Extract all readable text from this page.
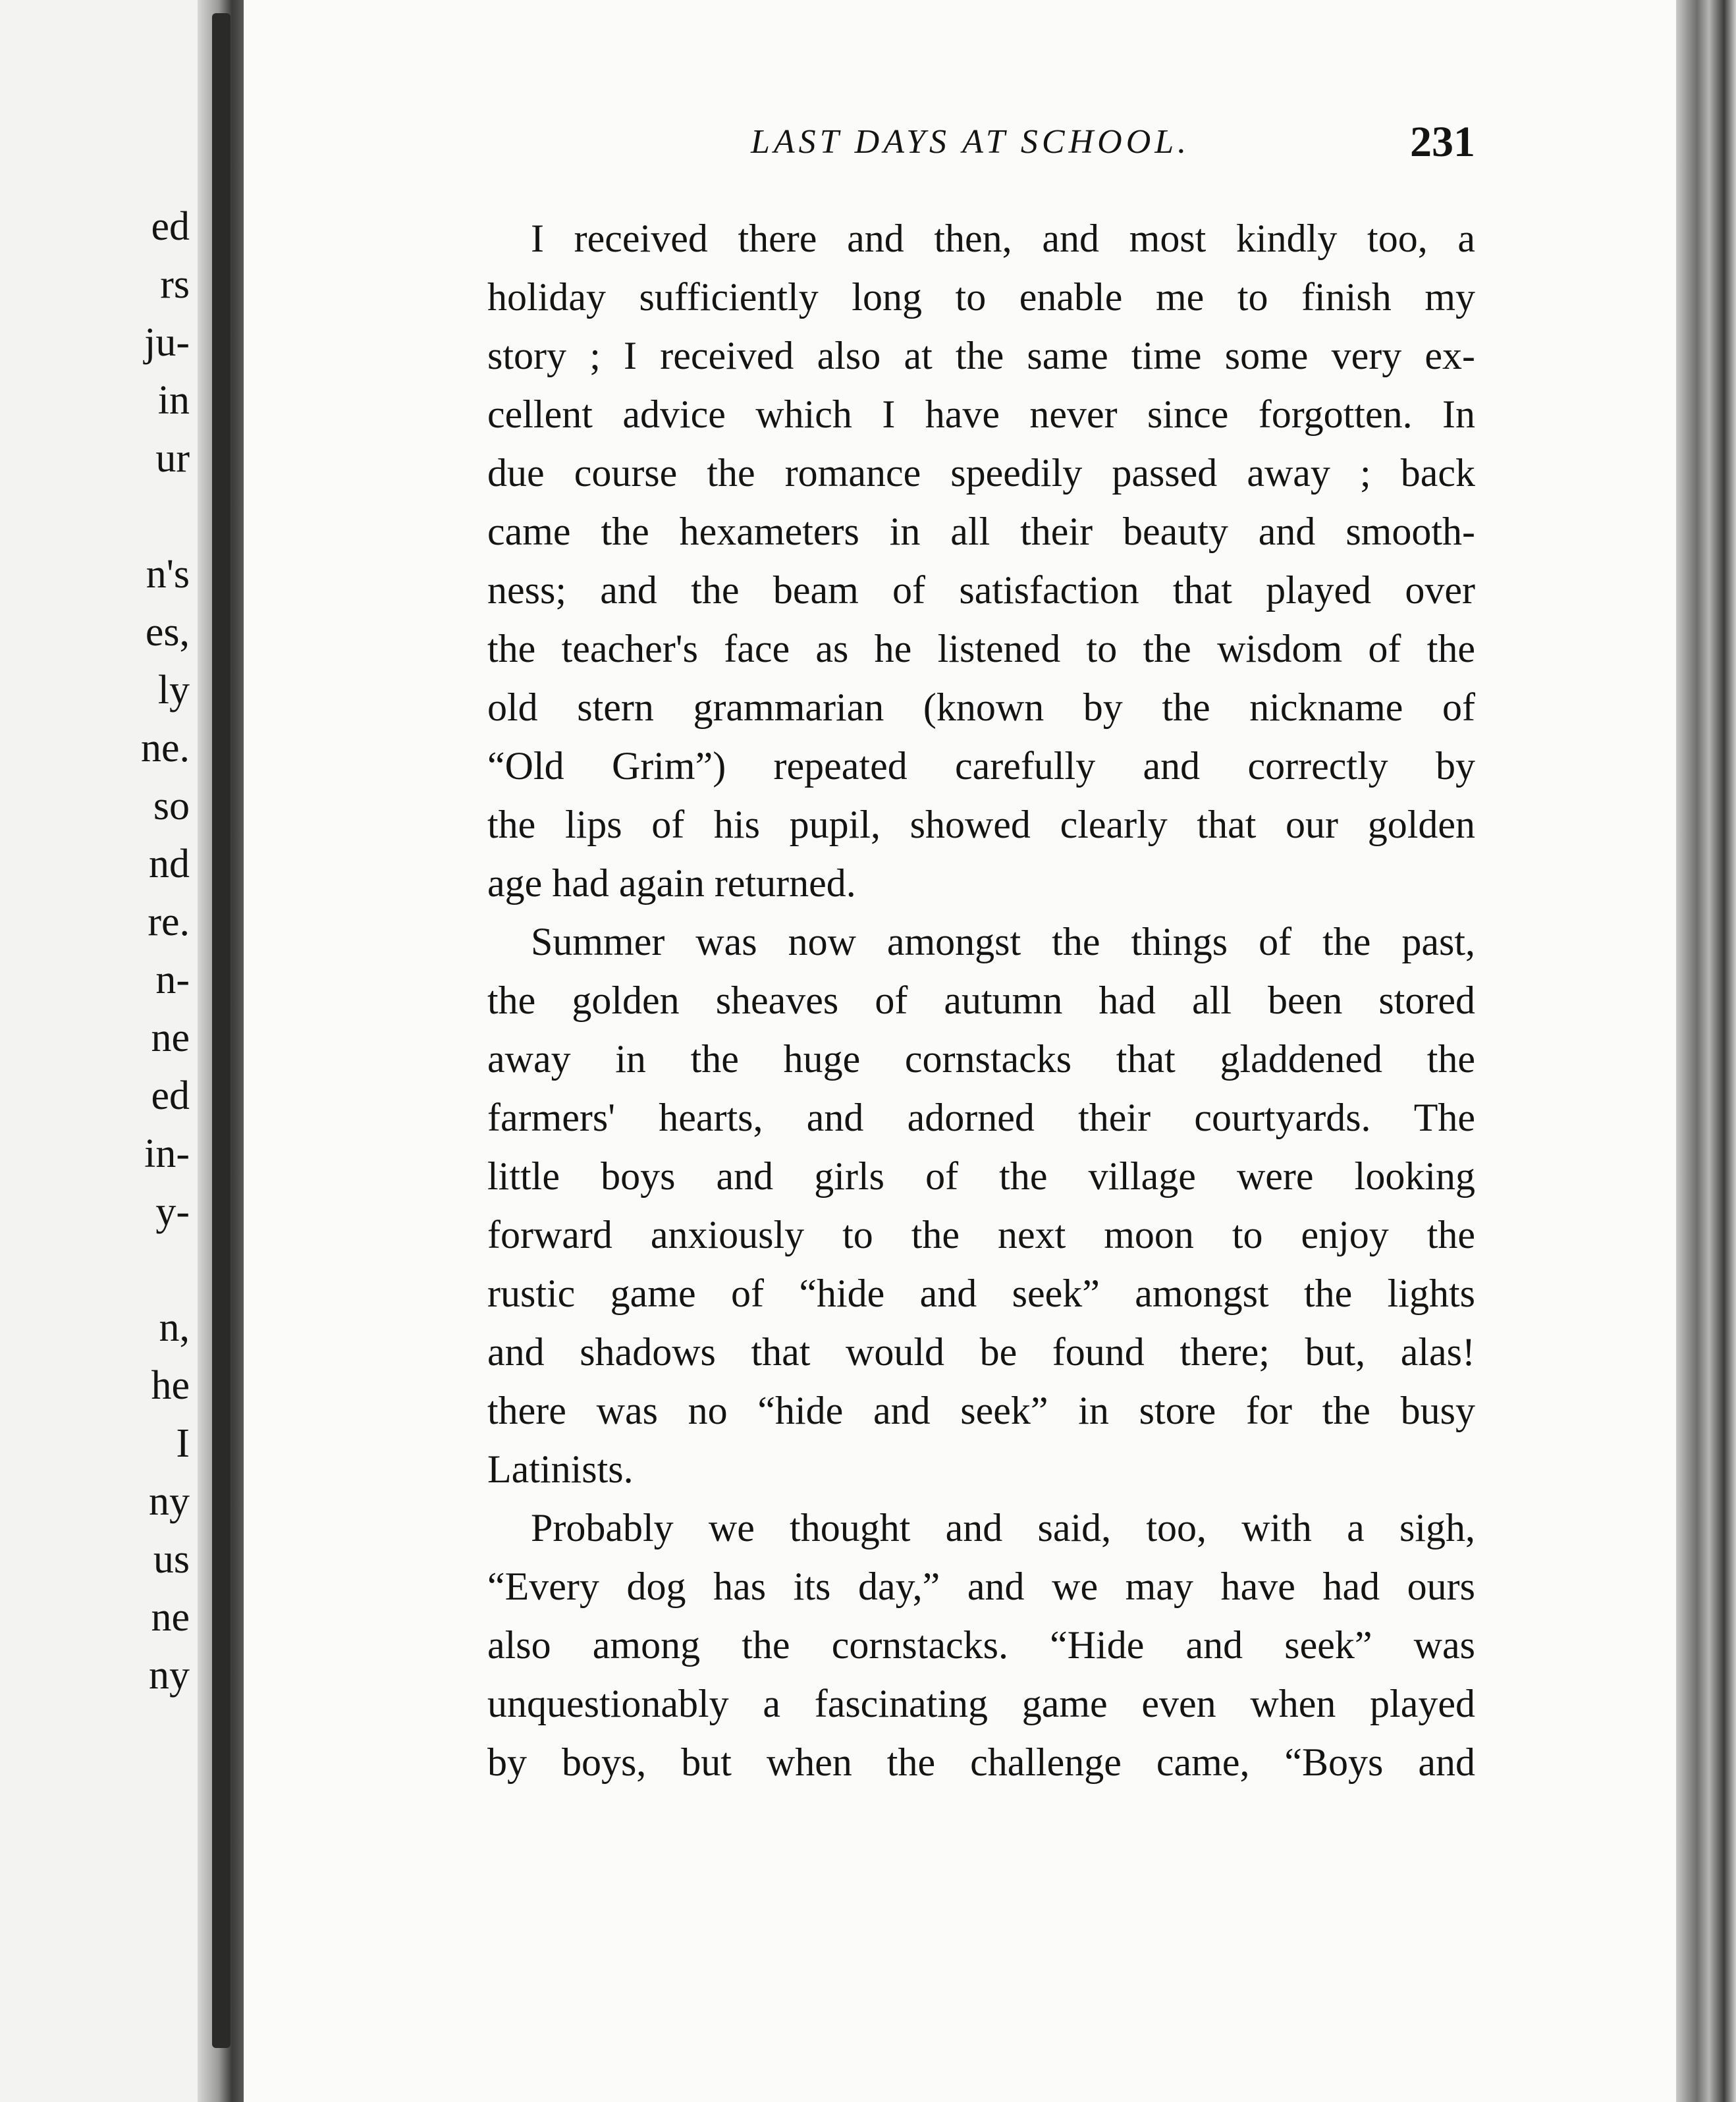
ed
rs
ju-
in
ur
n's
es,
ly
ne.
so
nd
re.
n-
ne
ed
in-
y-
n,
he
I
ny
us
ne
ny
LAST DAYS AT SCHOOL.	231
I received there and then, and most kindly too, a
holiday sufficiently long to enable me to finish my
story ; I received also at the same time some very ex-
cellent advice which I have never since forgotten. In
due course the romance speedily passed away ; back
came the hexameters in all their beauty and smooth-
ness; and the beam of satisfaction that played over
the teacher's face as he listened to the wisdom of the
old stern grammarian (known by the nickname of
“Old Grim”) repeated carefully and correctly by
the lips of his pupil, showed clearly that our golden
age had again returned.
Summer was now amongst the things of the past,
the golden sheaves of autumn had all been stored
away in the huge cornstacks that gladdened the
farmers' hearts, and adorned their courtyards. The
little boys and girls of the village were looking
forward anxiously to the next moon to enjoy the
rustic game of “hide and seek” amongst the lights
and shadows that would be found there; but, alas!
there was no “hide and seek” in store for the busy
Latinists.
Probably we thought and said, too, with a sigh,
“Every dog has its day,” and we may have had ours
also among the cornstacks. “Hide and seek” was
unquestionably a fascinating game even when played
by boys, but when the challenge came, “Boys and
